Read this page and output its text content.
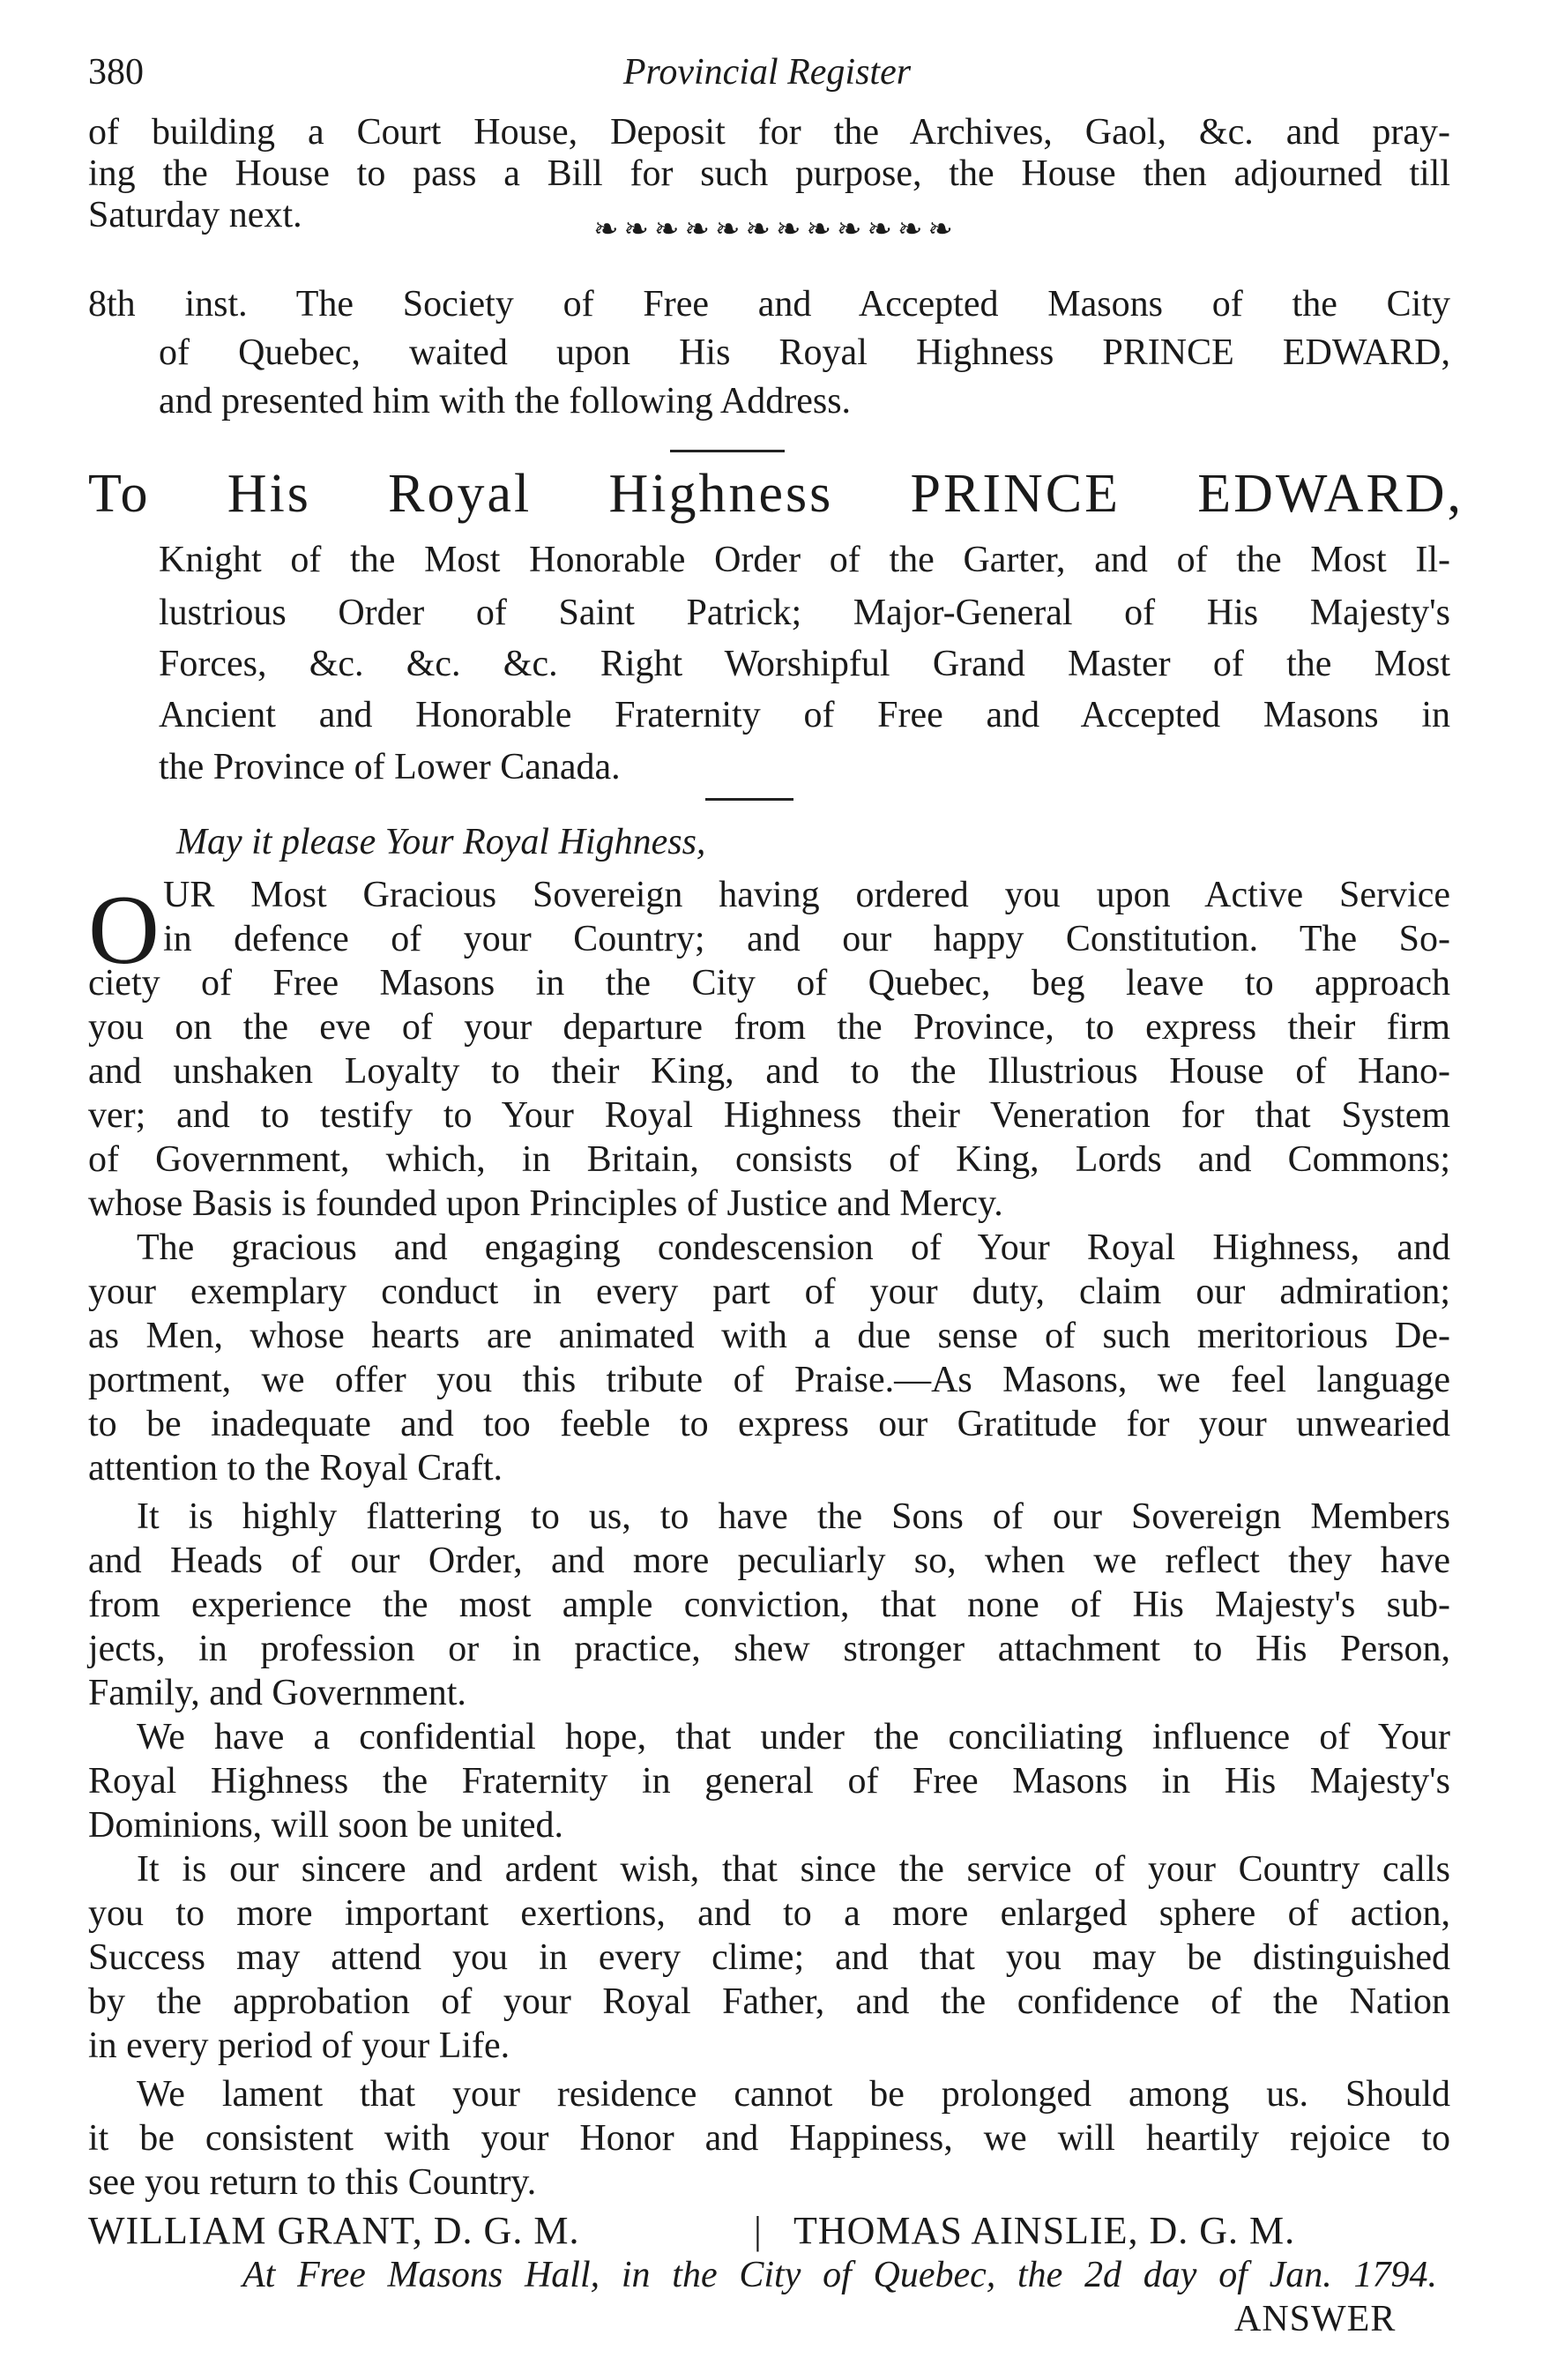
380	Provincial Register
of building a Court House, Deposit for the Archives, Gaol, &c. and pray-
ing the House to pass a Bill for such purpose, the House then adjourned till
Saturday next.	❧❧❧❧❧❧❧❧❧❧❧❧
8th inst. The Society of Free and Accepted Masons of the City
of Quebec, waited upon His Royal Highness PRINCE EDWARD,
and presented him with the following Address.
To His Royal Highness PRINCE EDWARD,
Knight of the Most Honorable Order of the Garter, and of the Most Il-
lustrious Order of Saint Patrick; Major-General of His Majesty's
Forces, &c. &c. &c. Right Worshipful Grand Master of the Most
Ancient and Honorable Fraternity of Free and Accepted Masons in
the Province of Lower Canada.
May it please Your Royal Highness,
O UR Most Gracious Sovereign having ordered you upon Active Service
in defence of your Country; and our happy Constitution. The So-
ciety of Free Masons in the City of Quebec, beg leave to approach
you on the eve of your departure from the Province, to express their firm
and unshaken Loyalty to their King, and to the Illustrious House of Hano-
ver; and to testify to Your Royal Highness their Veneration for that System
of Government, which, in Britain, consists of King, Lords and Commons;
whose Basis is founded upon Principles of Justice and Mercy.
The gracious and engaging condescension of Your Royal Highness, and
your exemplary conduct in every part of your duty, claim our admiration;
as Men, whose hearts are animated with a due sense of such meritorious De-
portment, we offer you this tribute of Praise.—As Masons, we feel language
to be inadequate and too feeble to express our Gratitude for your unwearied
attention to the Royal Craft.
It is highly flattering to us, to have the Sons of our Sovereign Members
and Heads of our Order, and more peculiarly so, when we reflect they have
from experience the most ample conviction, that none of His Majesty's sub-
jects, in profession or in practice, shew stronger attachment to His Person,
Family, and Government.
We have a confidential hope, that under the conciliating influence of Your
Royal Highness the Fraternity in general of Free Masons in His Majesty's
Dominions, will soon be united.
It is our sincere and ardent wish, that since the service of your Country calls
you to more important exertions, and to a more enlarged sphere of action,
Success may attend you in every clime; and that you may be distinguished
by the approbation of your Royal Father, and the confidence of the Nation
in every period of your Life.
We lament that your residence cannot be prolonged among us. Should
it be consistent with your Honor and Happiness, we will heartily rejoice to
see you return to this Country.
WILLIAM GRANT, D. G. M.	| THOMAS AINSLIE, D. G. M.
At Free Masons Hall, in the City of Quebec, the 2d day of Jan. 1794.
ANSWER
